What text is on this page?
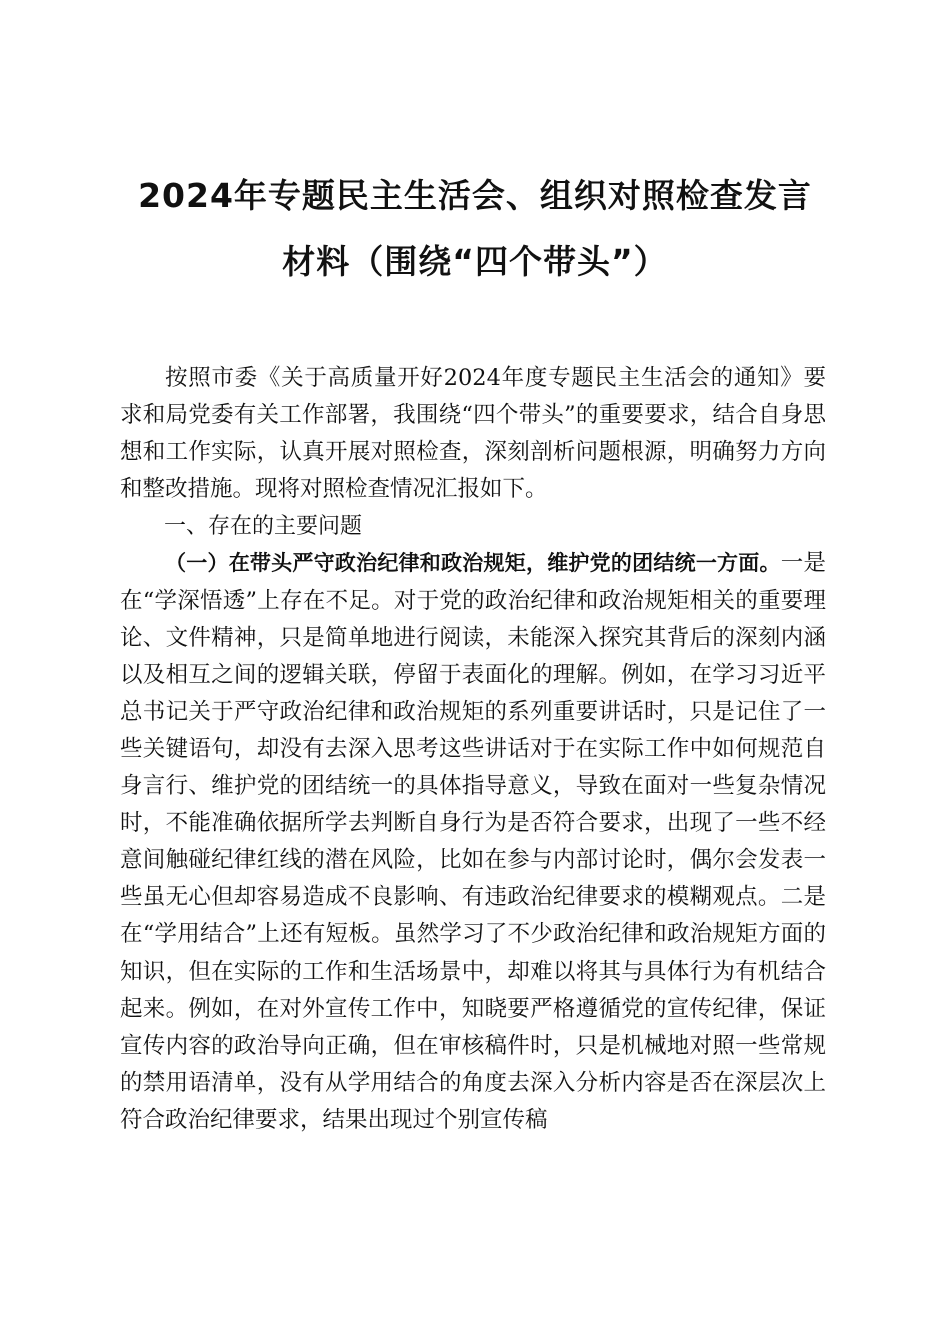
2024年专题民主生活会、组织对照检查发言
材料（围绕“四个带头”）

按照市委《关于高质量开好2024年度专题民主生活会的通知》要求和局党委有关工作部署，我围绕“四个带头”的重要要求，结合自身思想和工作实际，认真开展对照检查，深刻剖析问题根源，明确努力方向和整改措施。现将对照检查情况汇报如下。

一、存在的主要问题

（一）在带头严守政治纪律和政治规矩，维护党的团结统一方面。一是在“学深悟透”上存在不足。对于党的政治纪律和政治规矩相关的重要理论、文件精神，只是简单地进行阅读，未能深入探究其背后的深刻内涵以及相互之间的逻辑关联，停留于表面化的理解。例如，在学习习近平总书记关于严守政治纪律和政治规矩的系列重要讲话时，只是记住了一些关键语句，却没有去深入思考这些讲话对于在实际工作中如何规范自身言行、维护党的团结统一的具体指导意义，导致在面对一些复杂情况时，不能准确依据所学去判断自身行为是否符合要求，出现了一些不经意间触碰纪律红线的潜在风险，比如在参与内部讨论时，偶尔会发表一些虽无心但却容易造成不良影响、有违政治纪律要求的模糊观点。二是在“学用结合”上还有短板。虽然学习了不少政治纪律和政治规矩方面的知识，但在实际的工作和生活场景中，却难以将其与具体行为有机结合起来。例如，在对外宣传工作中，知晓要严格遵循党的宣传纪律，保证宣传内容的政治导向正确，但在审核稿件时，只是机械地对照一些常规的禁用语清单，没有从学用结合的角度去深入分析内容是否在深层次上符合政治纪律要求，结果出现过个别宣传稿
